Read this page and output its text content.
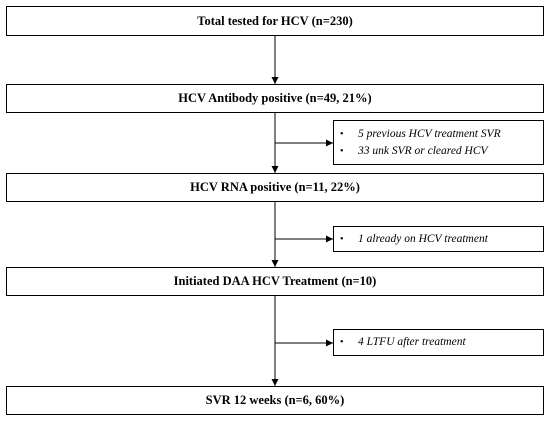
Total tested for HCV (n=230)
HCV Antibody positive (n=49, 21%)
HCV RNA positive (n=11, 22%)
Initiated DAA HCV Treatment (n=10)
SVR 12 weeks (n=6, 60%)
•	5 previous HCV treatment SVR
•	33 unk SVR or cleared HCV
•	1 already on HCV treatment
•	4 LTFU after treatment
